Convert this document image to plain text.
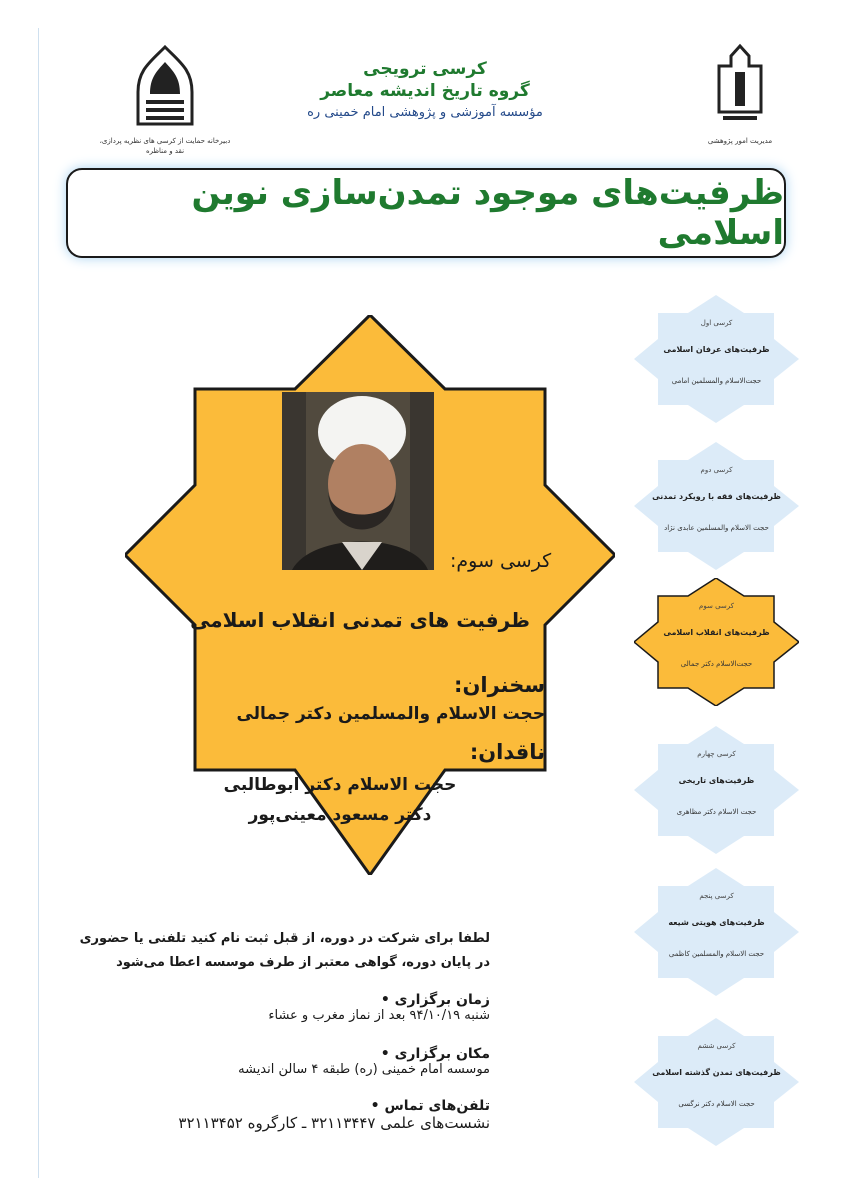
دبیرخانه حمایت از کرسی های نظریه پردازی، نقد و مناظره
کرسی ترویجی
گروه تاریخ اندیشه معاصر
مؤسسه آموزشی و پژوهشی امام خمینی ره
مدیریت امور پژوهشی
ظرفیت‌های موجود تمدن‌سازی نوین اسلامی
کرسی سوم:
ظرفیت های تمدنی انقلاب اسلامی
سخنران:
حجت الاسلام والمسلمین دکتر جمالی
ناقدان:
حجت الاسلام دکتر ابوطالبی
دکتر مسعود معینی‌پور
کرسی اول
ظرفیت‌های عرفان اسلامی
حجت‌الاسلام والمسلمین امامی
کرسی دوم
ظرفیت‌های فقه با رویکرد تمدنی
حجت الاسلام والمسلمین عابدی نژاد
کرسی سوم
ظرفیت‌های انقلاب اسلامی
حجت‌الاسلام دکتر جمالی
کرسی چهارم
ظرفیت‌های تاریخی
حجت الاسلام دکتر مظاهری
کرسی پنجم
ظرفیت‌های هویتی شیعه
حجت الاسلام والمسلمین کاظمی
کرسی ششم
ظرفیت‌های تمدن گذشته اسلامی
حجت الاسلام دکتر نرگسی
لطفا برای شرکت در دوره، از قبل ثبت نام کنید تلفنی یا حضوری
در پایان دوره، گواهی معتبر از طرف موسسه اعطا می‌شود
زمان برگزاری •
شنبه ۹۴/۱۰/۱۹ بعد از نماز مغرب و عشاء
مکان برگزاری •
موسسه امام خمینی (ره) طبقه ۴ سالن اندیشه
تلفن‌های تماس •
نشست‌های علمی ۳۲۱۱۳۴۴۷ ـ کارگروه ۳۲۱۱۳۴۵۲
